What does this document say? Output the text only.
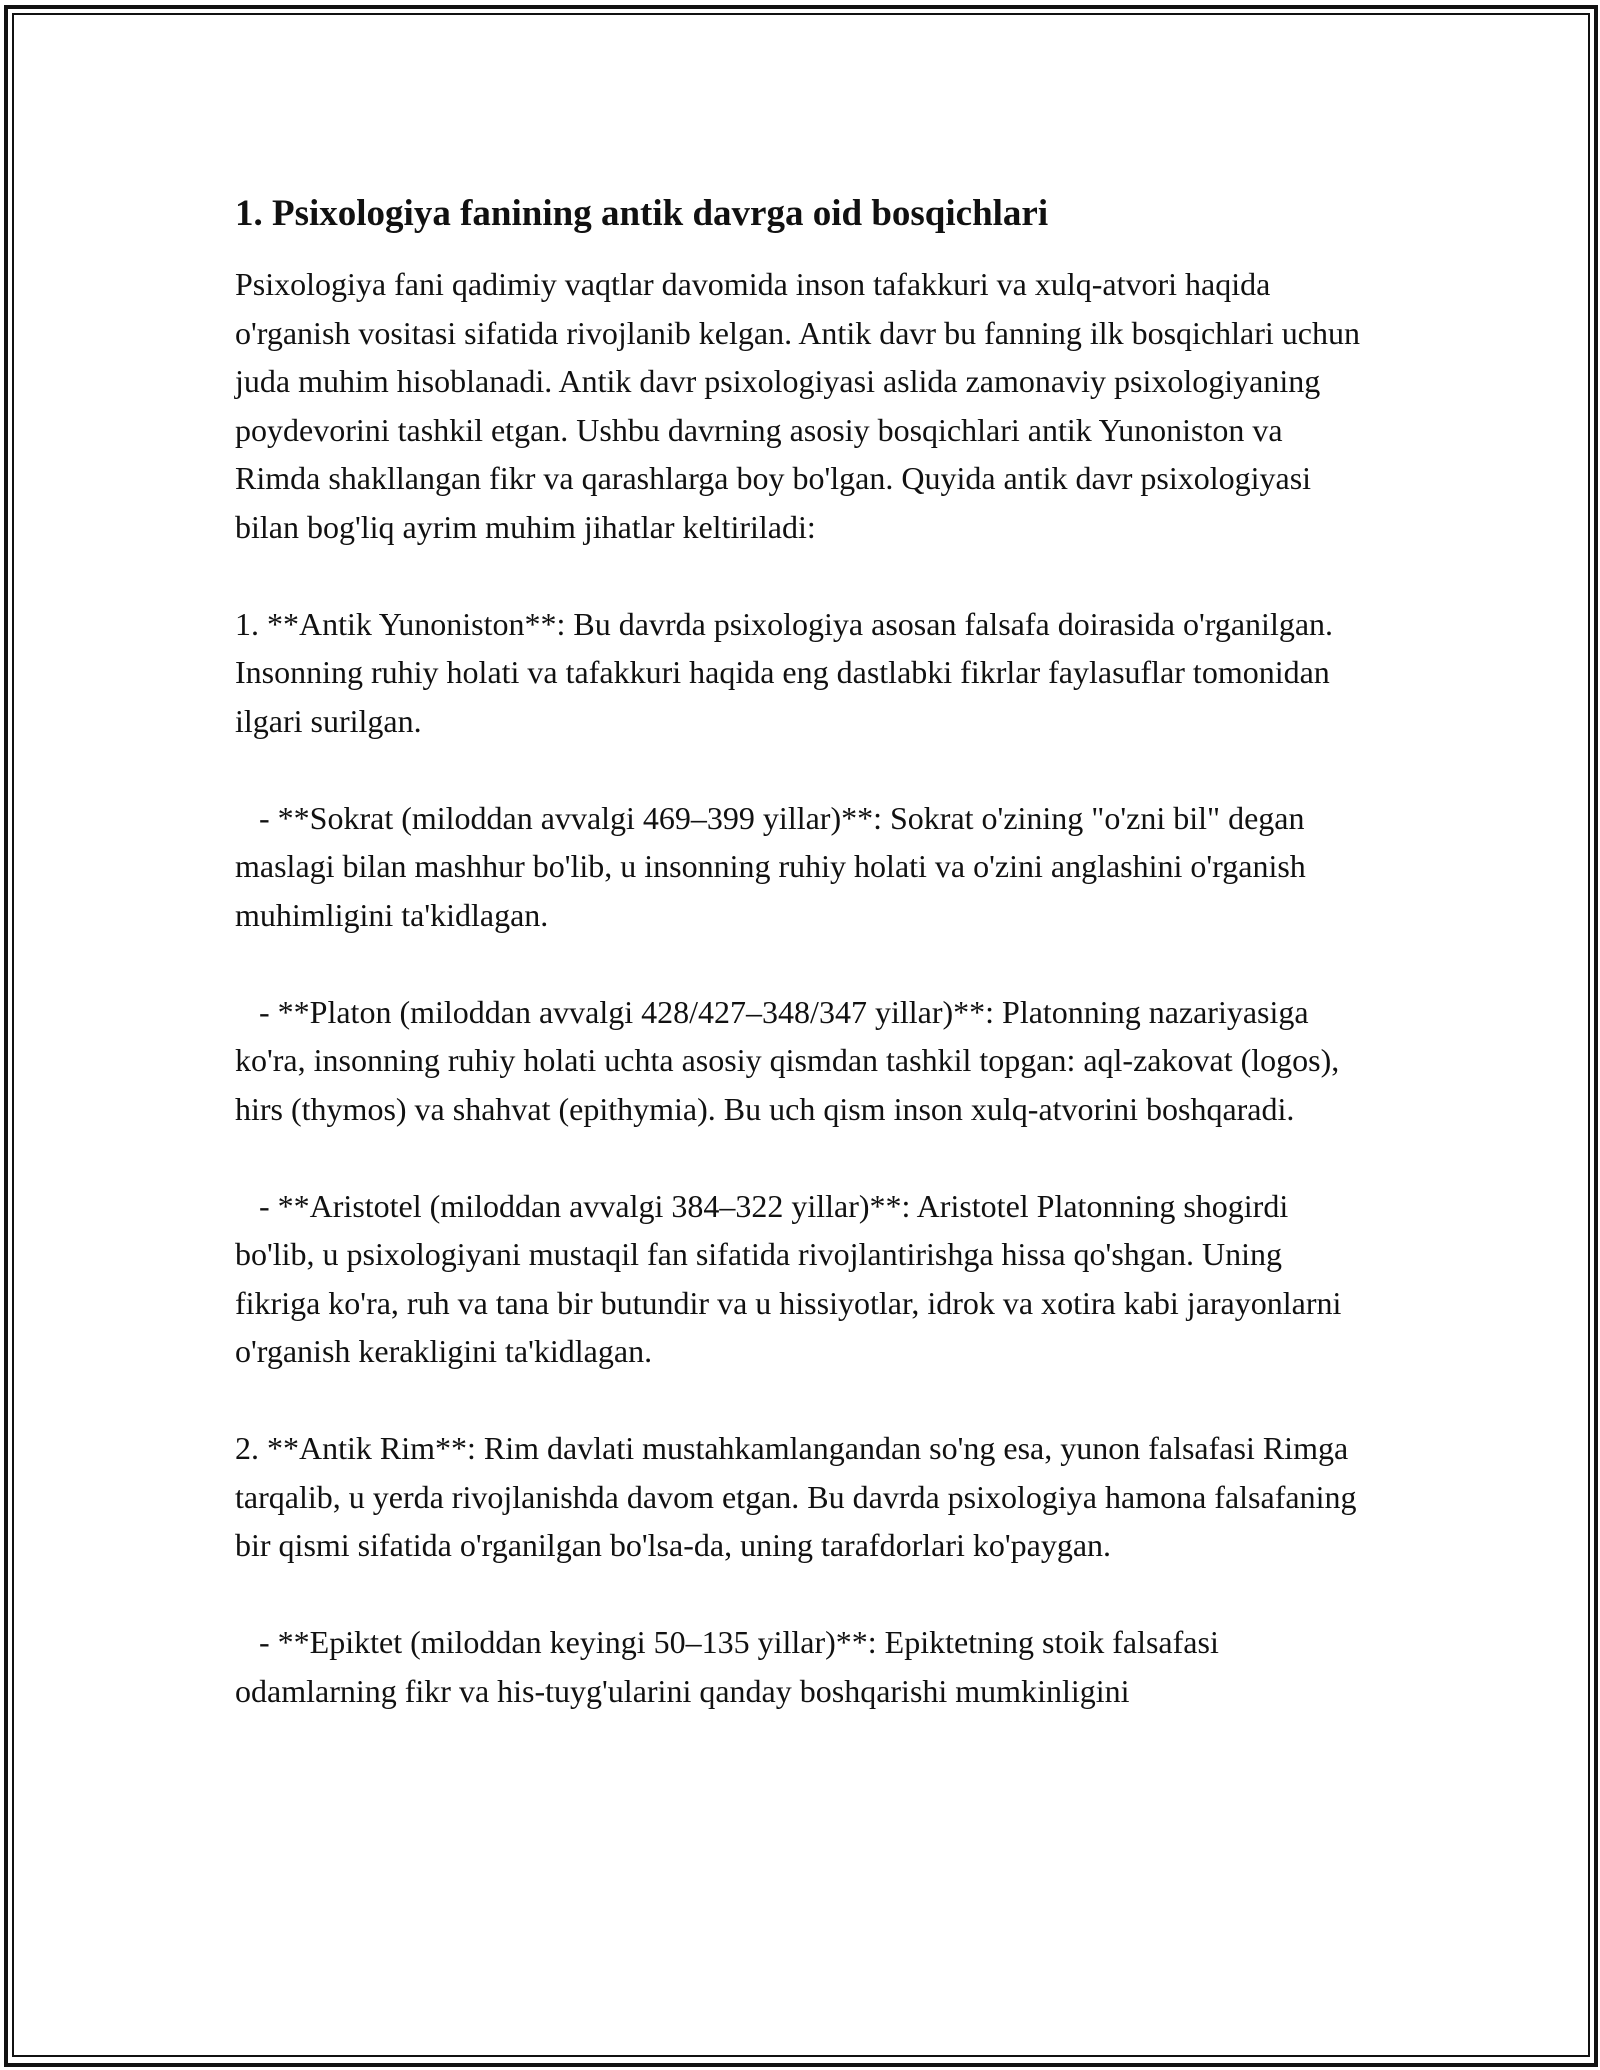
1. Psixologiya fanining antik davrga oid bosqichlari

Psixologiya fani qadimiy vaqtlar davomida inson tafakkuri va xulq-atvori haqida o'rganish vositasi sifatida rivojlanib kelgan. Antik davr bu fanning ilk bosqichlari uchun juda muhim hisoblanadi. Antik davr psixologiyasi aslida zamonaviy psixologiyaning poydevorini tashkil etgan. Ushbu davrning asosiy bosqichlari antik Yunoniston va Rimda shakllangan fikr va qarashlarga boy bo'lgan. Quyida antik davr psixologiyasi bilan bog'liq ayrim muhim jihatlar keltiriladi:

1. **Antik Yunoniston**: Bu davrda psixologiya asosan falsafa doirasida o'rganilgan. Insonning ruhiy holati va tafakkuri haqida eng dastlabki fikrlar faylasuflar tomonidan ilgari surilgan.

- **Sokrat (miloddan avvalgi 469–399 yillar)**: Sokrat o'zining "o'zni bil" degan maslagi bilan mashhur bo'lib, u insonning ruhiy holati va o'zini anglashini o'rganish muhimligini ta'kidlagan.

- **Platon (miloddan avvalgi 428/427–348/347 yillar)**: Platonning nazariyasiga ko'ra, insonning ruhiy holati uchta asosiy qismdan tashkil topgan: aql-zakovat (logos), hirs (thymos) va shahvat (epithymia). Bu uch qism inson xulq-atvorini boshqaradi.

- **Aristotel (miloddan avvalgi 384–322 yillar)**: Aristotel Platonning shogirdi bo'lib, u psixologiyani mustaqil fan sifatida rivojlantirishga hissa qo'shgan. Uning fikriga ko'ra, ruh va tana bir butundir va u hissiyotlar, idrok va xotira kabi jarayonlarni o'rganish kerakligini ta'kidlagan.

2. **Antik Rim**: Rim davlati mustahkamlangandan so'ng esa, yunon falsafasi Rimga tarqalib, u yerda rivojlanishda davom etgan. Bu davrda psixologiya hamona falsafaning bir qismi sifatida o'rganilgan bo'lsa-da, uning tarafdorlari ko'paygan.

- **Epiktet (miloddan keyingi 50–135 yillar)**: Epiktetning stoik falsafasi odamlarning fikr va his-tuyg'ularini qanday boshqarishi mumkinligini
